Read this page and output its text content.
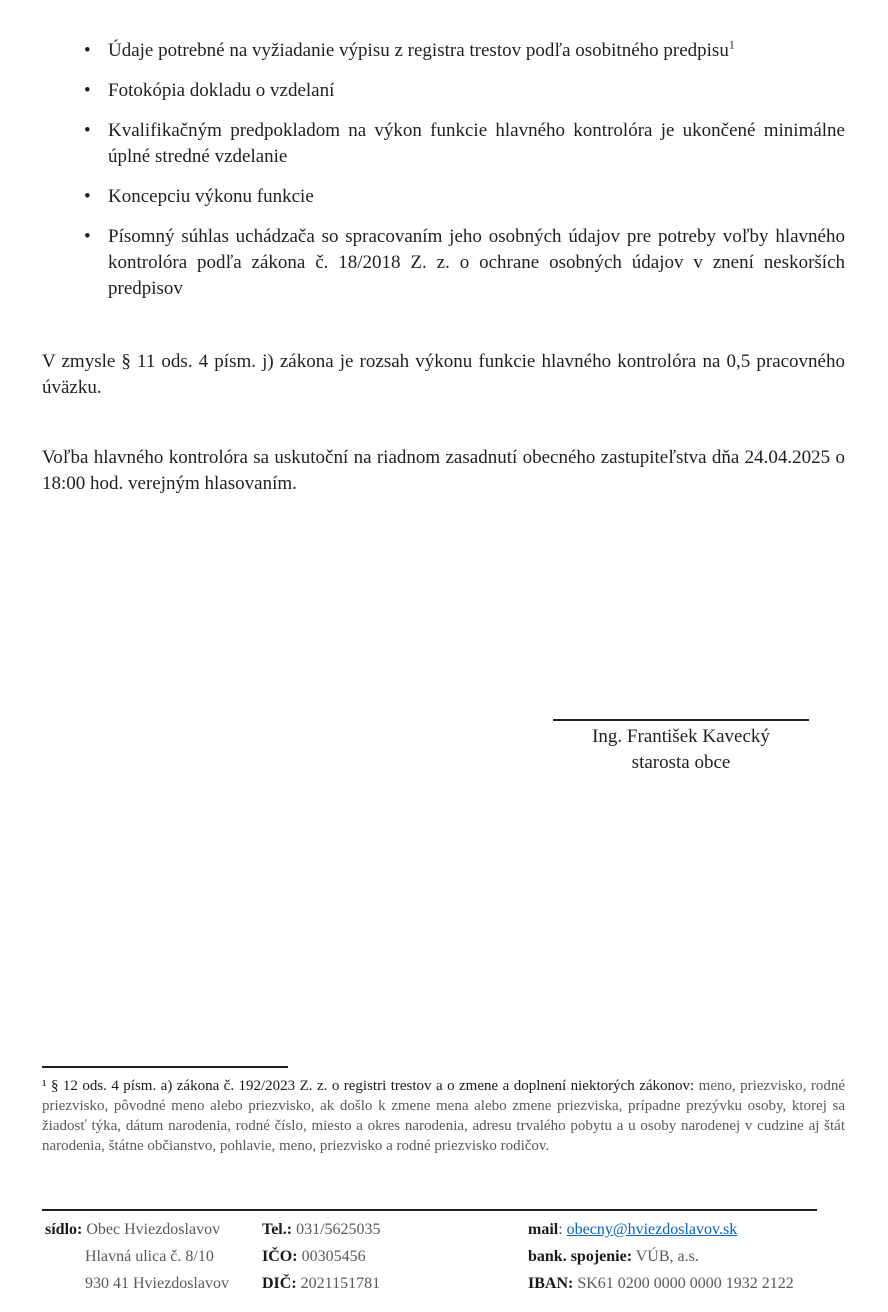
• Údaje potrebné na vyžiadanie výpisu z registra trestov podľa osobitného predpisu$^1$
• Fotokópia dokladu o vzdelaní
• Kvalifikačným predpokladom na výkon funkcie hlavného kontrolóra je ukončené minimálne úplné stredné vzdelanie
• Koncepciu výkonu funkcie
• Písomný súhlas uchádzača so spracovaním jeho osobných údajov pre potreby voľby hlavného kontrolóra podľa zákona č. 18/2018 Z. z. o ochrane osobných údajov v znení neskorších predpisov

V zmysle § 11 ods. 4 písm. j) zákona je rozsah výkonu funkcie hlavného kontrolóra na 0,5 pracovného úväzku.

Voľba hlavného kontrolóra sa uskutoční na riadnom zasadnutí obecného zastupiteľstva dňa 24.04.2025 o 18:00 hod. verejným hlasovaním.

Ing. František Kavecký
starosta obce

¹ § 12 ods. 4 písm. a) zákona č. 192/2023 Z. z. o registri trestov a o zmene a doplnení niektorých zákonov: meno, priezvisko, rodné priezvisko, pôvodné meno alebo priezvisko, ak došlo k zmene mena alebo zmene priezviska, prípadne prezývku osoby, ktorej sa žiadosť týka, dátum narodenia, rodné číslo, miesto a okres narodenia, adresu trvalého pobytu a u osoby narodenej v cudzine aj štát narodenia, štátne občianstvo, pohlavie, meno, priezvisko a rodné priezvisko rodičov.

sídlo: Obec Hviezdoslavov
Hlavná ulica č. 8/10
930 41 Hviezdoslavov
Tel.: 031/5625035
IČO: 00305456
DIČ: 2021151781
mail: obecny@hviezdoslavov.sk
bank. spojenie: VÚB, a.s.
IBAN: SK61 0200 0000 0000 1932 2122
